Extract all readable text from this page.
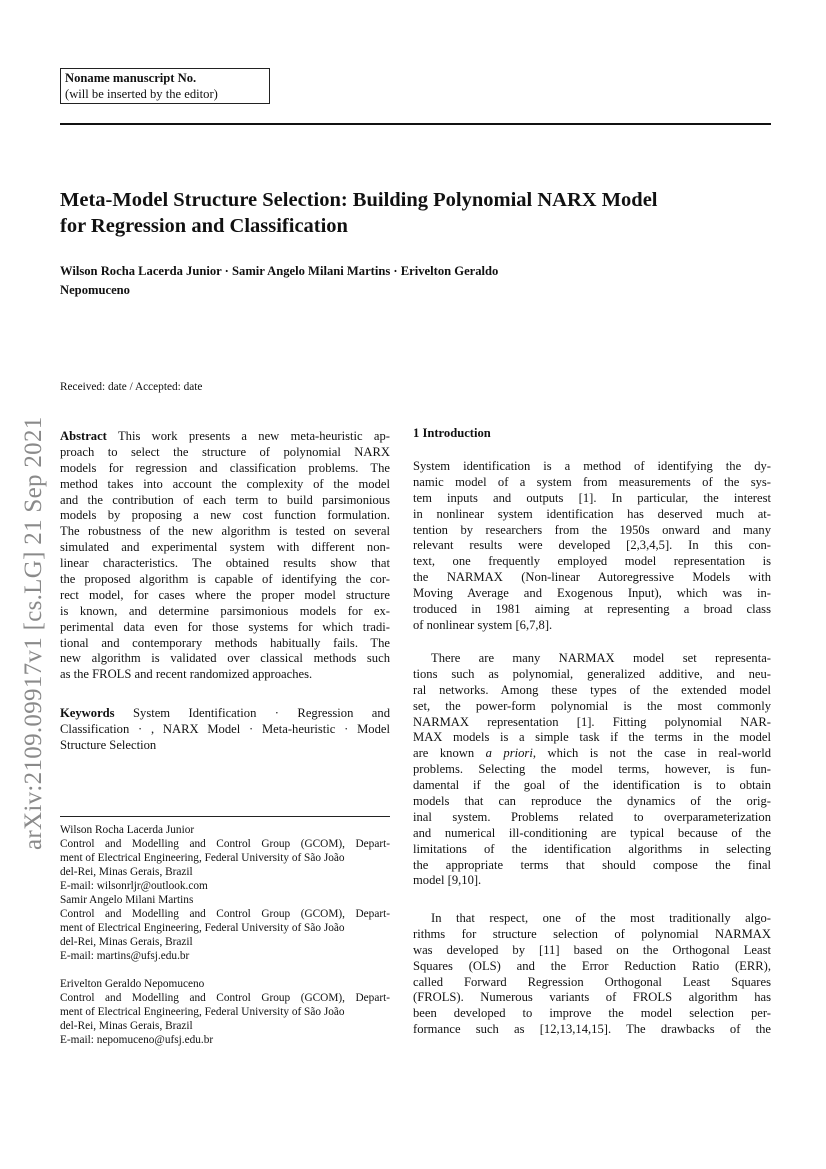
Noname manuscript No.
(will be inserted by the editor)
arXiv:2109.09917v1 [cs.LG] 21 Sep 2021
Meta-Model Structure Selection: Building Polynomial NARX Model
for Regression and Classification
Wilson Rocha Lacerda Junior · Samir Angelo Milani Martins · Erivelton Geraldo
Nepomuceno
Received: date / Accepted: date
Abstract This work presents a new meta-heuristic ap-
proach to select the structure of polynomial NARX
models for regression and classification problems. The
method takes into account the complexity of the model
and the contribution of each term to build parsimonious
models by proposing a new cost function formulation.
The robustness of the new algorithm is tested on several
simulated and experimental system with different non-
linear characteristics. The obtained results show that
the proposed algorithm is capable of identifying the cor-
rect model, for cases where the proper model structure
is known, and determine parsimonious models for ex-
perimental data even for those systems for which tradi-
tional and contemporary methods habitually fails. The
new algorithm is validated over classical methods such
as the FROLS and recent randomized approaches.
Keywords System Identification · Regression and
Classification · , NARX Model · Meta-heuristic · Model
Structure Selection
Wilson Rocha Lacerda Junior
Control and Modelling and Control Group (GCOM), Depart-
ment of Electrical Engineering, Federal University of São João
del-Rei, Minas Gerais, Brazil
E-mail: wilsonrljr@outlook.com
Samir Angelo Milani Martins
Control and Modelling and Control Group (GCOM), Depart-
ment of Electrical Engineering, Federal University of São João
del-Rei, Minas Gerais, Brazil
E-mail: martins@ufsj.edu.br
Erivelton Geraldo Nepomuceno
Control and Modelling and Control Group (GCOM), Depart-
ment of Electrical Engineering, Federal University of São João
del-Rei, Minas Gerais, Brazil
E-mail: nepomuceno@ufsj.edu.br
1 Introduction
System identification is a method of identifying the dy-
namic model of a system from measurements of the sys-
tem inputs and outputs [1]. In particular, the interest
in nonlinear system identification has deserved much at-
tention by researchers from the 1950s onward and many
relevant results were developed [2,3,4,5]. In this con-
text, one frequently employed model representation is
the NARMAX (Non-linear Autoregressive Models with
Moving Average and Exogenous Input), which was in-
troduced in 1981 aiming at representing a broad class
of nonlinear system [6,7,8].
There are many NARMAX model set representa-
tions such as polynomial, generalized additive, and neu-
ral networks. Among these types of the extended model
set, the power-form polynomial is the most commonly
NARMAX representation [1]. Fitting polynomial NAR-
MAX models is a simple task if the terms in the model
are known a priori, which is not the case in real-world
problems. Selecting the model terms, however, is fun-
damental if the goal of the identification is to obtain
models that can reproduce the dynamics of the orig-
inal system. Problems related to overparameterization
and numerical ill-conditioning are typical because of the
limitations of the identification algorithms in selecting
the appropriate terms that should compose the final
model [9,10].
In that respect, one of the most traditionally algo-
rithms for structure selection of polynomial NARMAX
was developed by [11] based on the Orthogonal Least
Squares (OLS) and the Error Reduction Ratio (ERR),
called Forward Regression Orthogonal Least Squares
(FROLS). Numerous variants of FROLS algorithm has
been developed to improve the model selection per-
formance such as [12,13,14,15]. The drawbacks of the
